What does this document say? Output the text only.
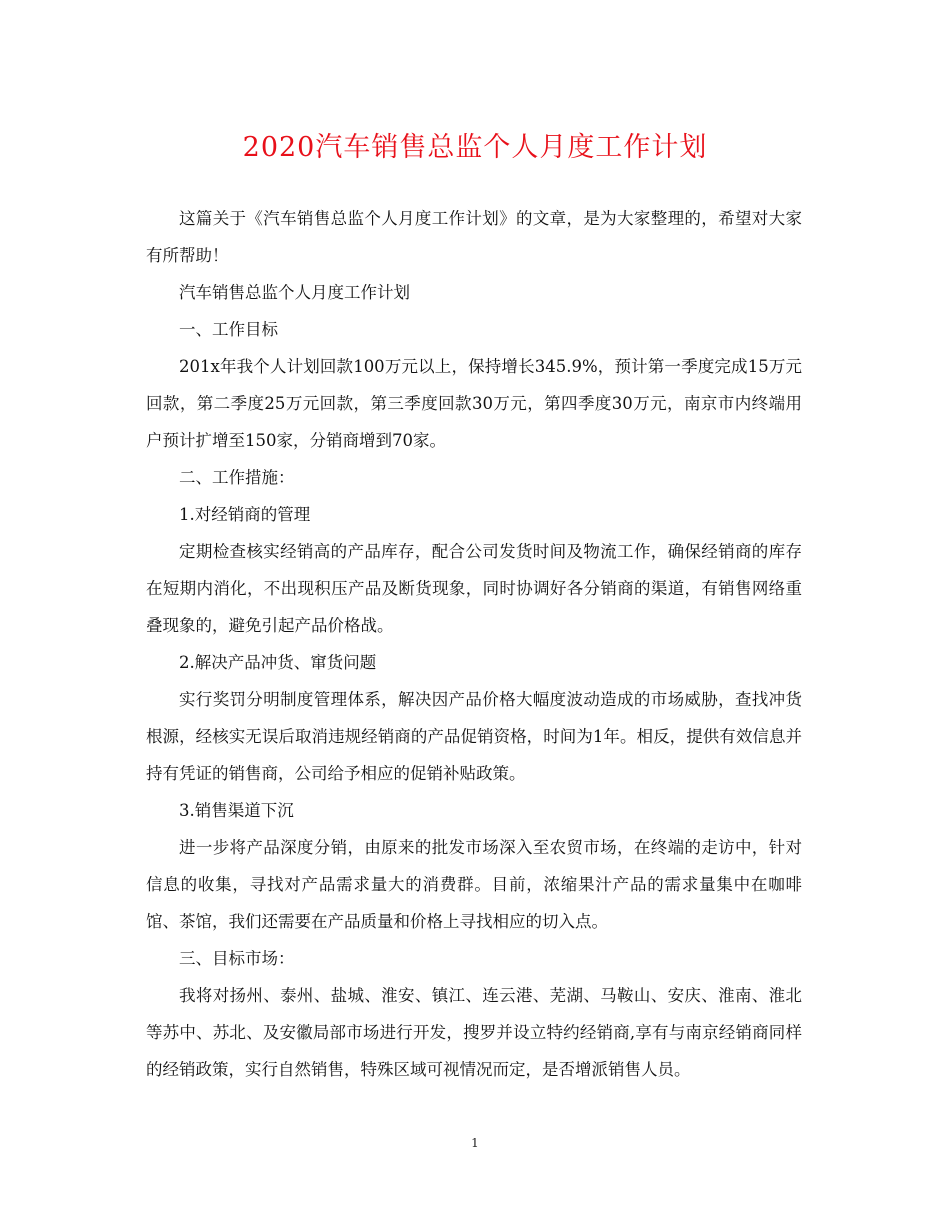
2020汽车销售总监个人月度工作计划

这篇关于《汽车销售总监个人月度工作计划》的文章，是为大家整理的，希望对大家有所帮助！

汽车销售总监个人月度工作计划

一、工作目标

201x年我个人计划回款100万元以上，保持增长345.9%，预计第一季度完成15万元回款，第二季度25万元回款，第三季度回款30万元，第四季度30万元，南京市内终端用户预计扩增至150家，分销商增到70家。

二、工作措施：

1.对经销商的管理

定期检查核实经销高的产品库存，配合公司发货时间及物流工作，确保经销商的库存在短期内消化，不出现积压产品及断货现象，同时协调好各分销商的渠道，有销售网络重叠现象的，避免引起产品价格战。

2.解决产品冲货、窜货问题

实行奖罚分明制度管理体系，解决因产品价格大幅度波动造成的市场威胁，查找冲货根源，经核实无误后取消违规经销商的产品促销资格，时间为1年。相反，提供有效信息并持有凭证的销售商，公司给予相应的促销补贴政策。

3.销售渠道下沉

进一步将产品深度分销，由原来的批发市场深入至农贸市场，在终端的走访中，针对信息的收集，寻找对产品需求量大的消费群。目前，浓缩果汁产品的需求量集中在咖啡馆、茶馆，我们还需要在产品质量和价格上寻找相应的切入点。

三、目标市场：

我将对扬州、泰州、盐城、淮安、镇江、连云港、芜湖、马鞍山、安庆、淮南、淮北等苏中、苏北、及安徽局部市场进行开发，搜罗并设立特约经销商,享有与南京经销商同样的经销政策，实行自然销售，特殊区域可视情况而定，是否增派销售人员。

1
